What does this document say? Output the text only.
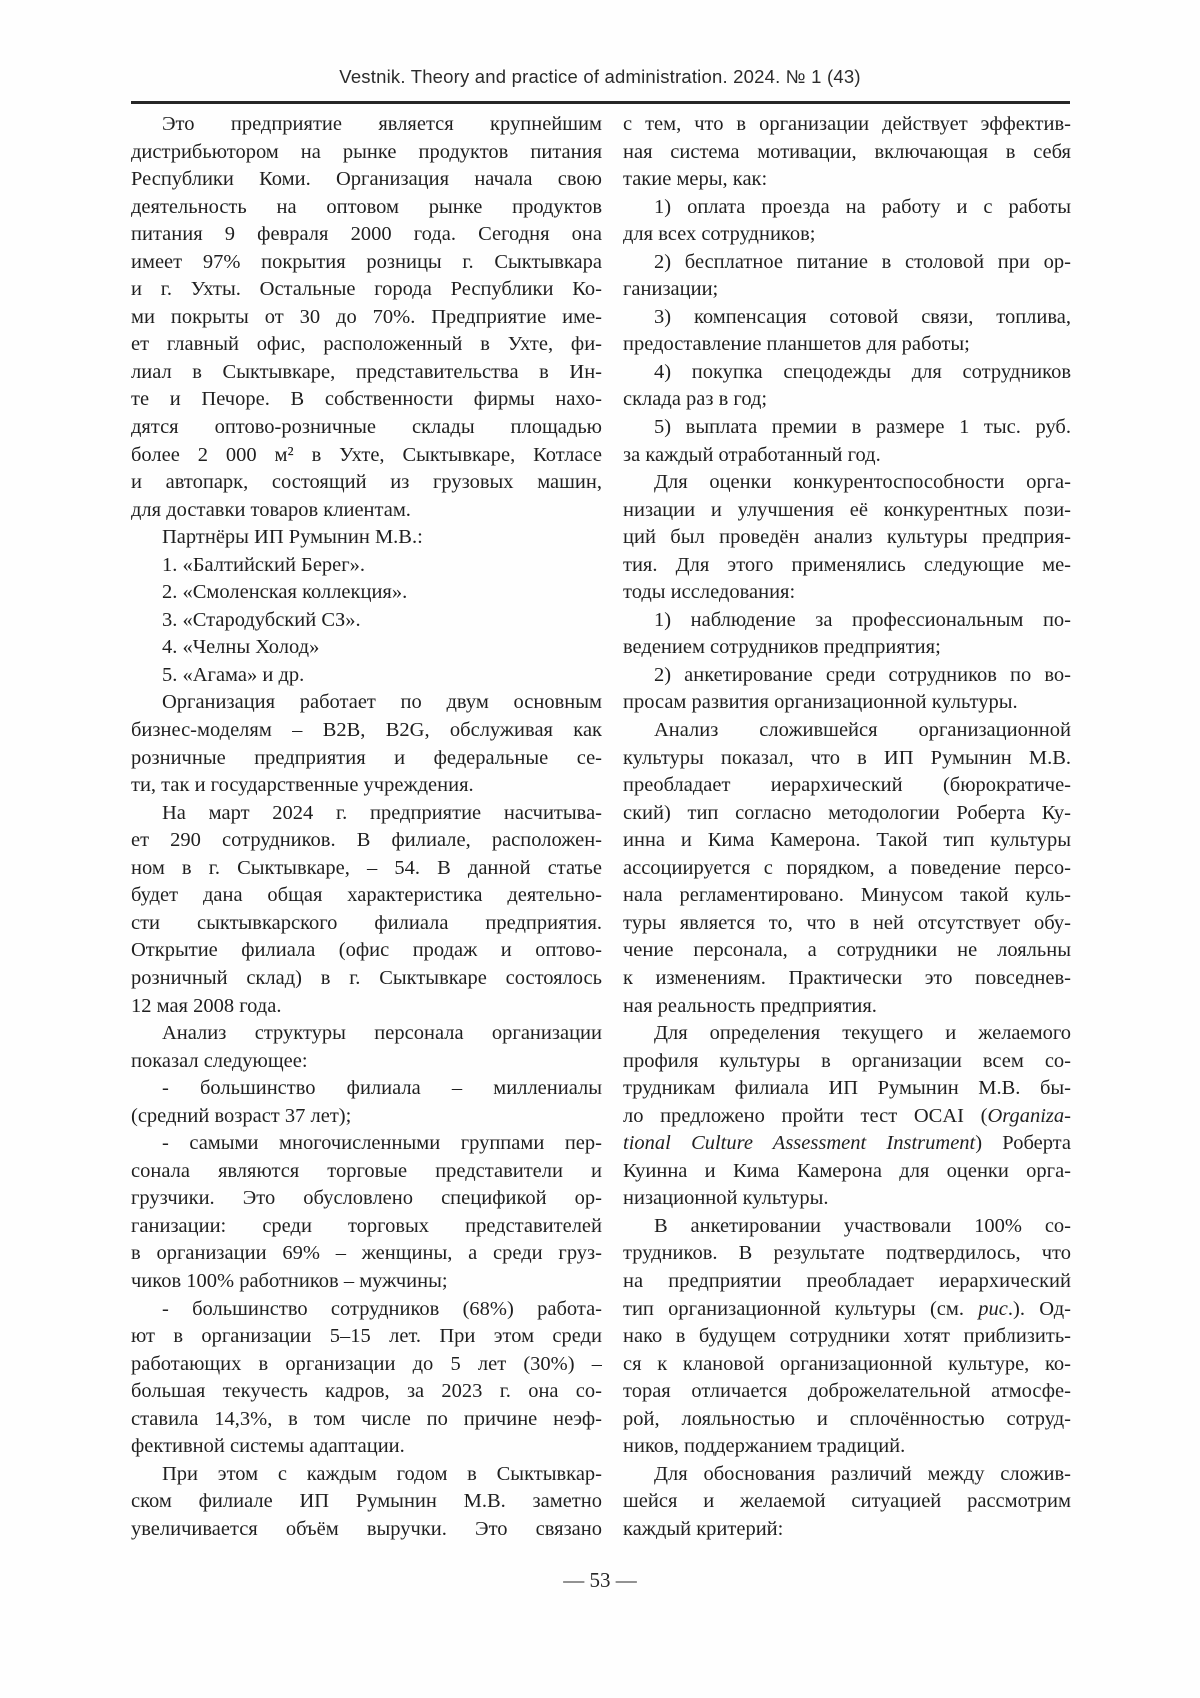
Vestnik. Theory and practice of administration. 2024. № 1 (43)
Это предприятие является крупнейшим
дистрибьютором на рынке продуктов питания
Республики Коми. Организация начала свою
деятельность на оптовом рынке продуктов
питания 9 февраля 2000 года. Сегодня она
имеет 97% покрытия розницы г. Сыктывкара
и г. Ухты. Остальные города Республики Ко-
ми покрыты от 30 до 70%. Предприятие име-
ет главный офис, расположенный в Ухте, фи-
лиал в Сыктывкаре, представительства в Ин-
те и Печоре. В собственности фирмы нахо-
дятся оптово-розничные склады площадью
более 2 000 м² в Ухте, Сыктывкаре, Котласе
и автопарк, состоящий из грузовых машин,
для доставки товаров клиентам.
Партнёры ИП Румынин М.В.:
1. «Балтийский Берег».
2. «Смоленская коллекция».
3. «Стародубский СЗ».
4. «Челны Холод»
5. «Агама» и др.
Организация работает по двум основным
бизнес-моделям – B2B, B2G, обслуживая как
розничные предприятия и федеральные се-
ти, так и государственные учреждения.
На март 2024 г. предприятие насчитыва-
ет 290 сотрудников. В филиале, расположен-
ном в г. Сыктывкаре, – 54. В данной статье
будет дана общая характеристика деятельно-
сти сыктывкарского филиала предприятия.
Открытие филиала (офис продаж и оптово-
розничный склад) в г. Сыктывкаре состоялось
12 мая 2008 года.
Анализ структуры персонала организации
показал следующее:
- большинство филиала – миллениалы
(средний возраст 37 лет);
- самыми многочисленными группами пер-
сонала являются торговые представители и
грузчики. Это обусловлено спецификой ор-
ганизации: среди торговых представителей
в организации 69% – женщины, а среди груз-
чиков 100% работников – мужчины;
- большинство сотрудников (68%) работа-
ют в организации 5–15 лет. При этом среди
работающих в организации до 5 лет (30%) –
большая текучесть кадров, за 2023 г. она со-
ставила 14,3%, в том числе по причине неэф-
фективной системы адаптации.
При этом с каждым годом в Сыктывкар-
ском филиале ИП Румынин М.В. заметно
увеличивается объём выручки. Это связано
с тем, что в организации действует эффектив-
ная система мотивации, включающая в себя
такие меры, как:
1) оплата проезда на работу и с работы
для всех сотрудников;
2) бесплатное питание в столовой при ор-
ганизации;
3) компенсация сотовой связи, топлива,
предоставление планшетов для работы;
4) покупка спецодежды для сотрудников
склада раз в год;
5) выплата премии в размере 1 тыс. руб.
за каждый отработанный год.
Для оценки конкурентоспособности орга-
низации и улучшения её конкурентных пози-
ций был проведён анализ культуры предприя-
тия. Для этого применялись следующие ме-
тоды исследования:
1) наблюдение за профессиональным по-
ведением сотрудников предприятия;
2) анкетирование среди сотрудников по во-
просам развития организационной культуры.
Анализ сложившейся организационной
культуры показал, что в ИП Румынин М.В.
преобладает иерархический (бюрократиче-
ский) тип согласно методологии Роберта Ку-
инна и Кима Камерона. Такой тип культуры
ассоциируется с порядком, а поведение персо-
нала регламентировано. Минусом такой куль-
туры является то, что в ней отсутствует обу-
чение персонала, а сотрудники не лояльны
к изменениям. Практически это повседнев-
ная реальность предприятия.
Для определения текущего и желаемого
профиля культуры в организации всем со-
трудникам филиала ИП Румынин М.В. бы-
ло предложено пройти тест OCAI (Organiza-
tional Culture Assessment Instrument) Роберта
Куинна и Кима Камерона для оценки орга-
низационной культуры.
В анкетировании участвовали 100% со-
трудников. В результате подтвердилось, что
на предприятии преобладает иерархический
тип организационной культуры (см. рис.). Од-
нако в будущем сотрудники хотят приблизить-
ся к клановой организационной культуре, ко-
торая отличается доброжелательной атмосфе-
рой, лояльностью и сплочённостью сотруд-
ников, поддержанием традиций.
Для обоснования различий между сложив-
шейся и желаемой ситуацией рассмотрим
каждый критерий:
— 53 —
